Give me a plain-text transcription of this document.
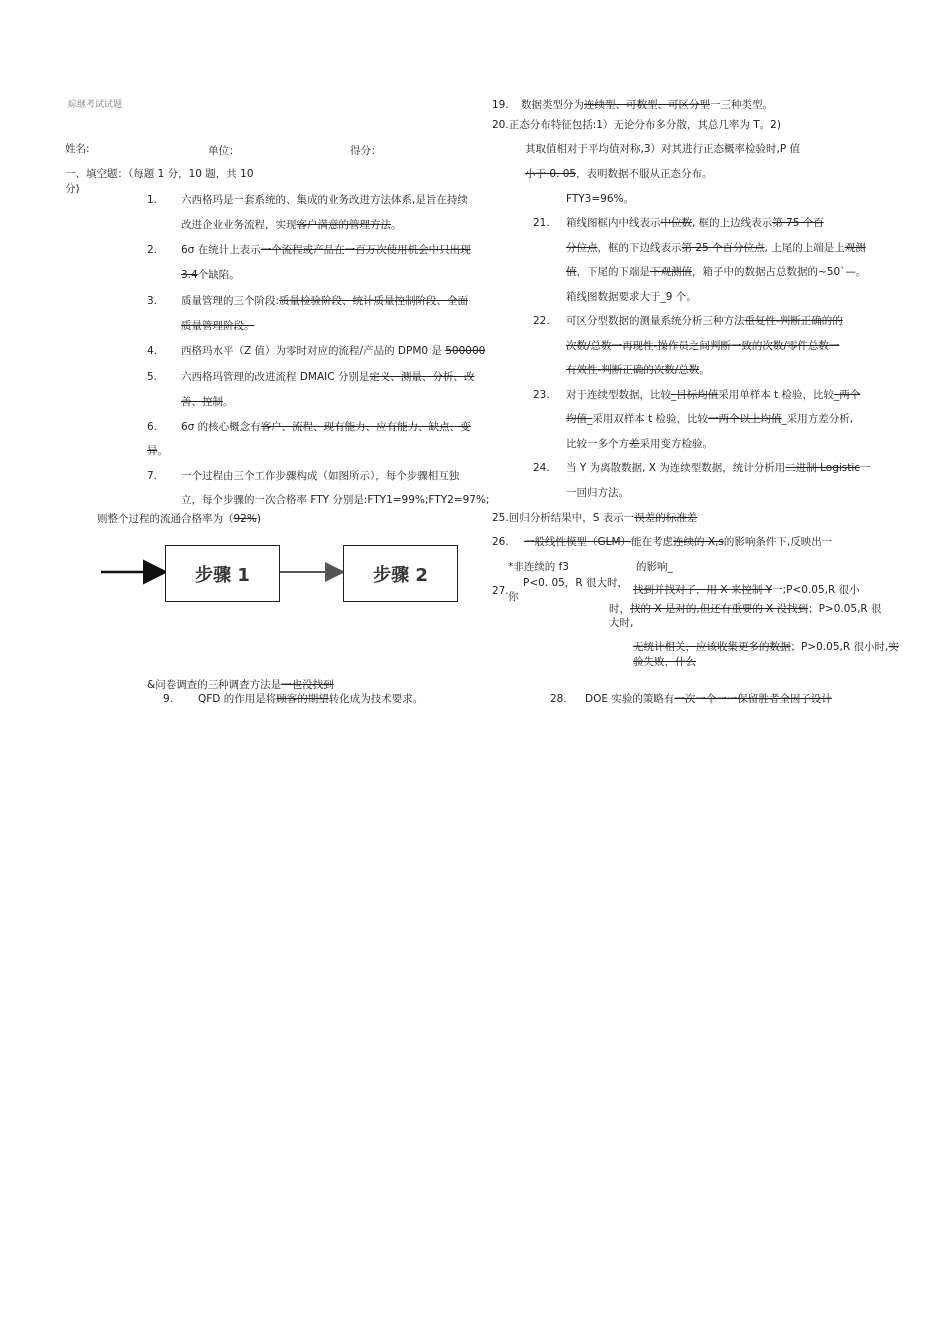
綜继考试试题
姓名:	单位：	得分：
一、填空题：（每题 1 分，10 题，共 10
分)
1. 六西格玛是一套系统的、集成的业务改进方法体系,是旨在持续
改进企业业务流程，实现客户满意的管理方法。
2. 6σ 在统计上表示一个流程或产品在一百万次使用机会中只出现
3.4个缺陷。
3. 质量管理的三个阶段:质量检验阶段、统计质量控制阶段、全面
质量管理阶段。
4. 西格玛水平（Z 值）为零时对应的流程/产品的 DPM0 是 500000
5. 六西格玛管理的改进流程 DMAIC 分别是定义、测量、分析、改
善、控制。
6. 6σ 的核心概念有客户、流程、现有能力、应有能力、缺点、变
异。
7. 一个过程由三个工作步骤构成（如图所示），每个步骤相互独
立，每个步骤的一次合格率 FTY 分别是:FTY1=99%;FTY2=97%;
则整个过程的流通合格率为（92%)
步骤 1	步骤 2
&问卷调查的三种调查方法是一也没找到
9. QFD 的作用是将顾客的期望转化成为技术要求。
19. 数据类型分为连续型、可数型、可区分型一三种类型。
20.正态分布特征包括:1）无论分布多分散，其总几率为 T。2)
其取值相对于平均值对称,3）对其进行正态概率检验时,P 值
小于 0. 05，表明数据不服从正态分布。
FTY3=96%。
21. 箱线图框内中线表示中位数, 框的上边线表示第 75 个百
分位点，框的下边线表示第 25 个百分位点, 上尾的上端是上观测
值，下尾的下端是下观测值，箱子中的数据占总数据的~50`—。
箱线图数据要求大于_9 个。
22. 可区分型数据的测量系统分析三种方法重复性-判断正确的的
次数/总数一再现性-操作员之间判断一致的次数/零件总数一
有效性-判断正确的次数/总数。
23. 对于连续型数据，比较_目标均值采用单样本 t 检验，比较_两个
均值_采用双样本 t 检验，比较一两个以上均值_采用方差分析,
比较一多个方差采用变方检验。
24. 当 Y 为离散数据, X 为连续型数据，统计分析用二进制 Logistic一
一回归方法。
25.回归分析结果中，S 表示一误差的标准差
26. 一般线性模型（GLM）能在考虑连续的 X,s的影响条件下,反映出一
*非连续的 f3	的影响_
P<0. 05，R 很大时，
27. 你
找到并找对了，用 X 来控制 Y一;P<0.05,R 很小
时，找的 X 是对的,但还有重要的 X 没找到；P>0.05,R 很
大时,
无统计相关，应该收集更多的数据；P>0.05,R 很小时,实
验失败，什么
28. DOE 实验的策略有一次一个一一保留胜者全因子设计
